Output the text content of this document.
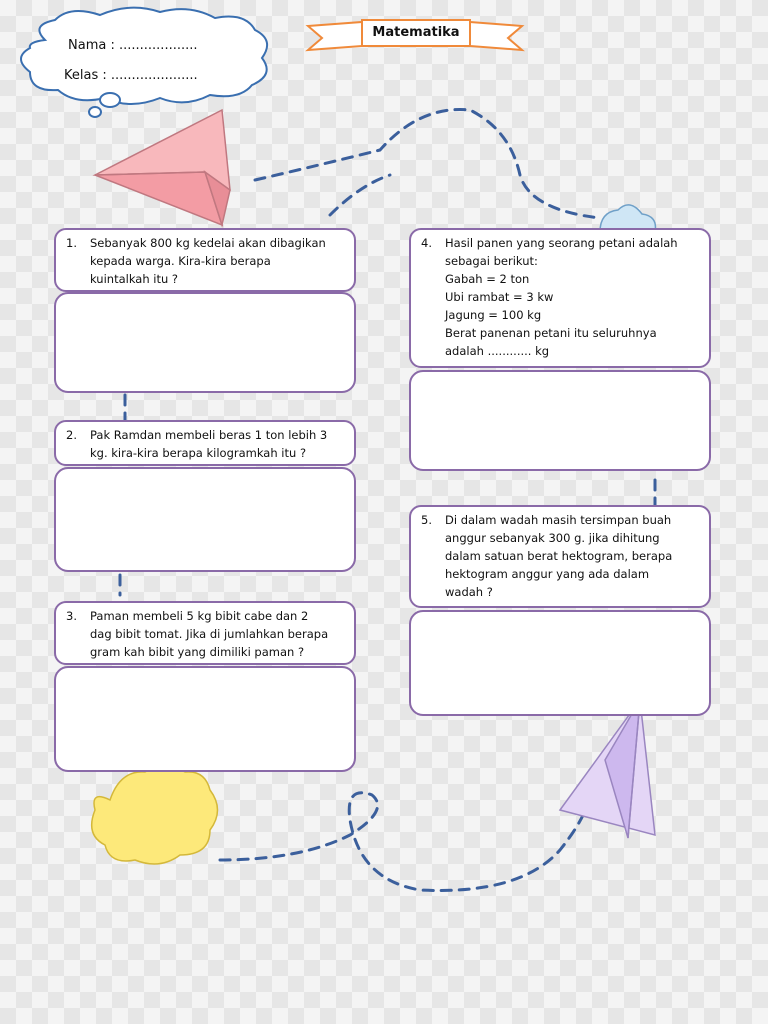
Matematika
Nama : ...................
Kelas : .....................
1. Sebanyak 800 kg kedelai akan dibagikan
kepada warga. Kira-kira berapa
kuintalkah itu ?
2. Pak Ramdan membeli beras 1 ton lebih 3
kg. kira-kira berapa kilogramkah itu ?
3. Paman membeli 5 kg bibit cabe dan 2
dag bibit tomat. Jika di jumlahkan berapa
gram kah bibit yang dimiliki paman ?
4. Hasil panen yang seorang petani adalah
sebagai berikut:
Gabah = 2 ton
Ubi rambat = 3 kw
Jagung = 100 kg
Berat panenan petani itu seluruhnya
adalah ............ kg
5. Di dalam wadah masih tersimpan buah
anggur sebanyak 300 g. jika dihitung
dalam satuan berat hektogram, berapa
hektogram anggur yang ada dalam
wadah ?
